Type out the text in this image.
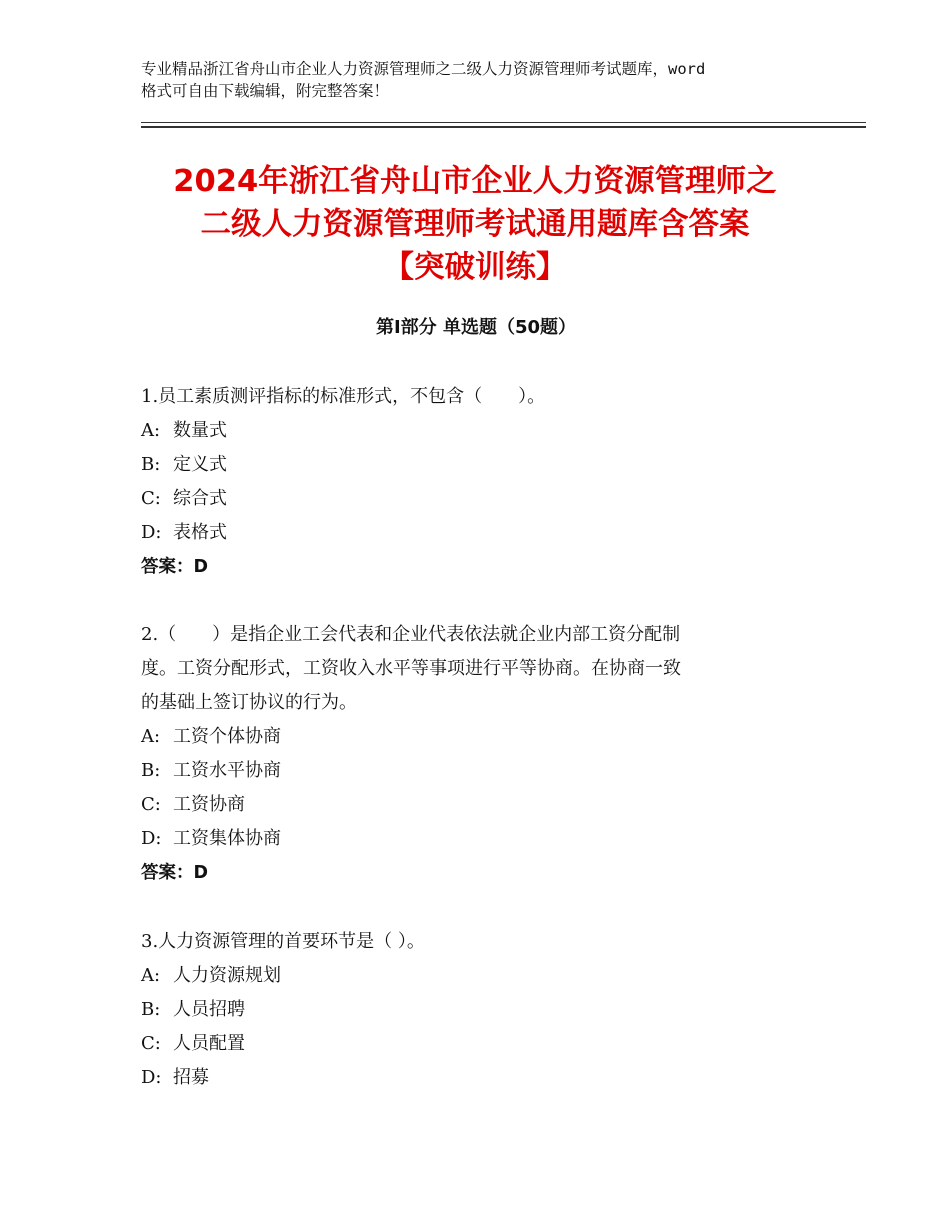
专业精品浙江省舟山市企业人力资源管理师之二级人力资源管理师考试题库，word
格式可自由下载编辑，附完整答案！
2024年浙江省舟山市企业人力资源管理师之
二级人力资源管理师考试通用题库含答案
【突破训练】
第Ⅰ部分 单选题（50题）
1.员工素质测评指标的标准形式，不包含（　　）。
A: 数量式
B: 定义式
C: 综合式
D: 表格式
答案：D
2.（　　）是指企业工会代表和企业代表依法就企业内部工资分配制
度。工资分配形式，工资收入水平等事项进行平等协商。在协商一致
的基础上签订协议的行为。
A: 工资个体协商
B: 工资水平协商
C: 工资协商
D: 工资集体协商
答案：D
3.人力资源管理的首要环节是（ ）。
A: 人力资源规划
B: 人员招聘
C: 人员配置
D: 招募
